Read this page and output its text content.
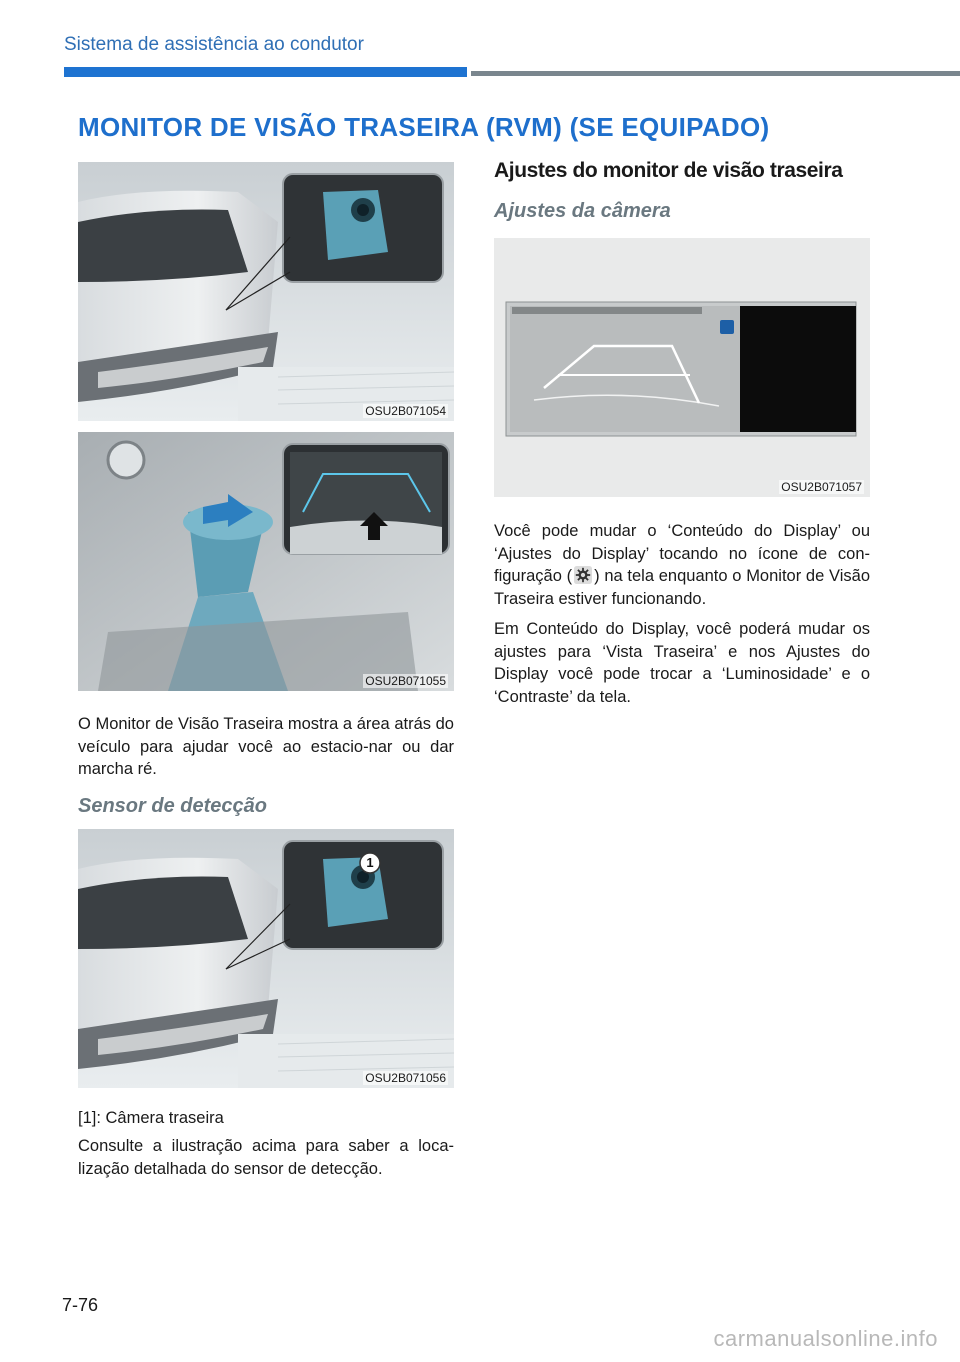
Sistema de assistência ao condutor
MONITOR DE VISÃO TRASEIRA (RVM) (SE EQUIPADO)
OSU2B071054
OSU2B071055
O Monitor de Visão Traseira mostra a área atrás do veículo para ajudar você ao estacio-nar ou dar marcha ré.
Sensor de detecção
1
OSU2B071056
[1]: Câmera traseira
Consulte a ilustração acima para saber a loca-lização detalhada do sensor de detecção.
Ajustes do monitor de visão traseira
Ajustes da câmera
OSU2B071057
Você pode mudar o ‘Conteúdo do Display’ ou ‘Ajustes do Display’ tocando no ícone de con-figuração ( ) na tela enquanto o Monitor de Visão Traseira estiver funcionando.
Em Conteúdo do Display, você poderá mudar os ajustes para ‘Vista Traseira’ e nos Ajustes do Display você pode trocar a ‘Luminosidade’ e o ‘Contraste’ da tela.
7-76
carmanualsonline.info
